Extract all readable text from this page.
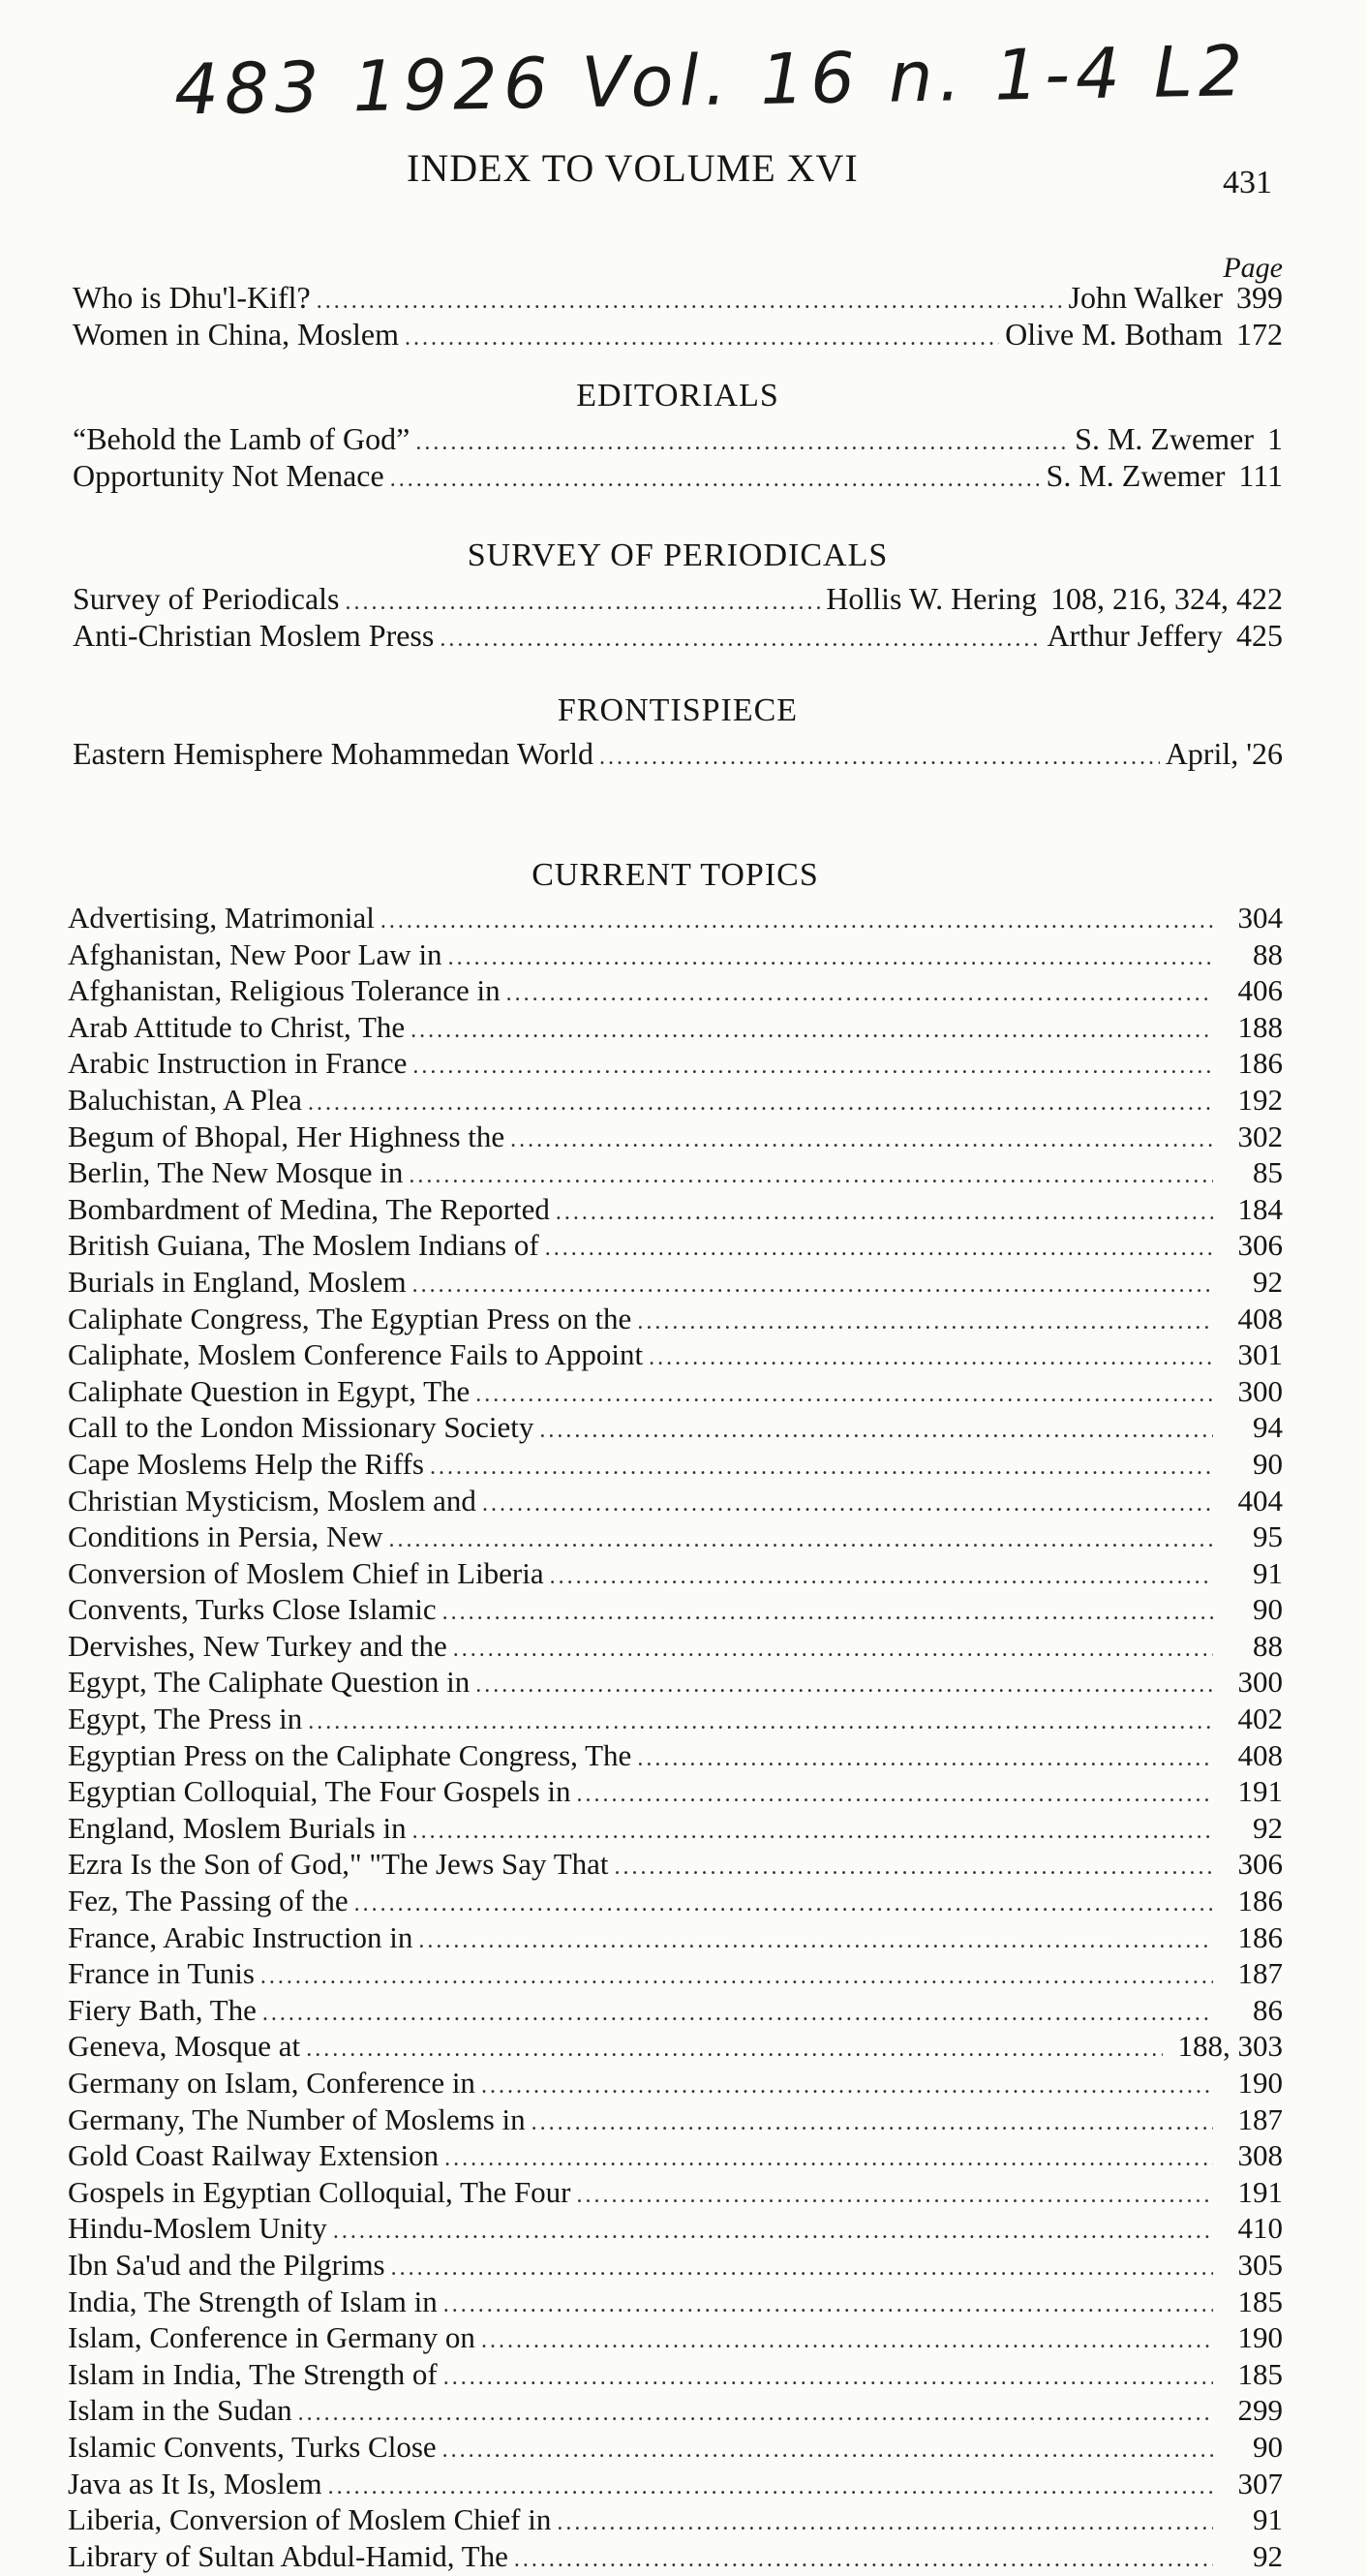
483 1926 Vol. 16 n. 1-4 L2
INDEX TO VOLUME XVI	431
Page
Who is Dhu'l-Kifl? .....	John Walker 399
Women in China, Moslem .....	Olive M. Botham 172
EDITORIALS
“Behold the Lamb of God” .....	S. M. Zwemer 1
Opportunity Not Menace .....	S. M. Zwemer 111
SURVEY OF PERIODICALS
Survey of Periodicals .....	Hollis W. Hering 108, 216, 324, 422
Anti-Christian Moslem Press .....	Arthur Jeffery 425
FRONTISPIECE
Eastern Hemisphere Mohammedan World .....	April, '26
CURRENT TOPICS
Advertising, Matrimonial .....	304
Afghanistan, New Poor Law in .....	88
Afghanistan, Religious Tolerance in .....	406
Arab Attitude to Christ, The .....	188
Arabic Instruction in France .....	186
Baluchistan, A Plea .....	192
Begum of Bhopal, Her Highness the .....	302
Berlin, The New Mosque in .....	85
Bombardment of Medina, The Reported .....	184
British Guiana, The Moslem Indians of .....	306
Burials in England, Moslem .....	92
Caliphate Congress, The Egyptian Press on the .....	408
Caliphate, Moslem Conference Fails to Appoint .....	301
Caliphate Question in Egypt, The .....	300
Call to the London Missionary Society .....	94
Cape Moslems Help the Riffs .....	90
Christian Mysticism, Moslem and .....	404
Conditions in Persia, New .....	95
Conversion of Moslem Chief in Liberia .....	91
Convents, Turks Close Islamic .....	90
Dervishes, New Turkey and the .....	88
Egypt, The Caliphate Question in .....	300
Egypt, The Press in .....	402
Egyptian Press on the Caliphate Congress, The .....	408
Egyptian Colloquial, The Four Gospels in .....	191
England, Moslem Burials in .....	92
Ezra Is the Son of God," "The Jews Say That .....	306
Fez, The Passing of the .....	186
France, Arabic Instruction in .....	186
France in Tunis .....	187
Fiery Bath, The .....	86
Geneva, Mosque at .....	188, 303
Germany on Islam, Conference in .....	190
Germany, The Number of Moslems in .....	187
Gold Coast Railway Extension .....	308
Gospels in Egyptian Colloquial, The Four .....	191
Hindu-Moslem Unity .....	410
Ibn Sa'ud and the Pilgrims .....	305
India, The Strength of Islam in .....	185
Islam, Conference in Germany on .....	190
Islam in India, The Strength of .....	185
Islam in the Sudan .....	299
Islamic Convents, Turks Close .....	90
Java as It Is, Moslem .....	307
Liberia, Conversion of Moslem Chief in .....	91
Library of Sultan Abdul-Hamid, The .....	92
